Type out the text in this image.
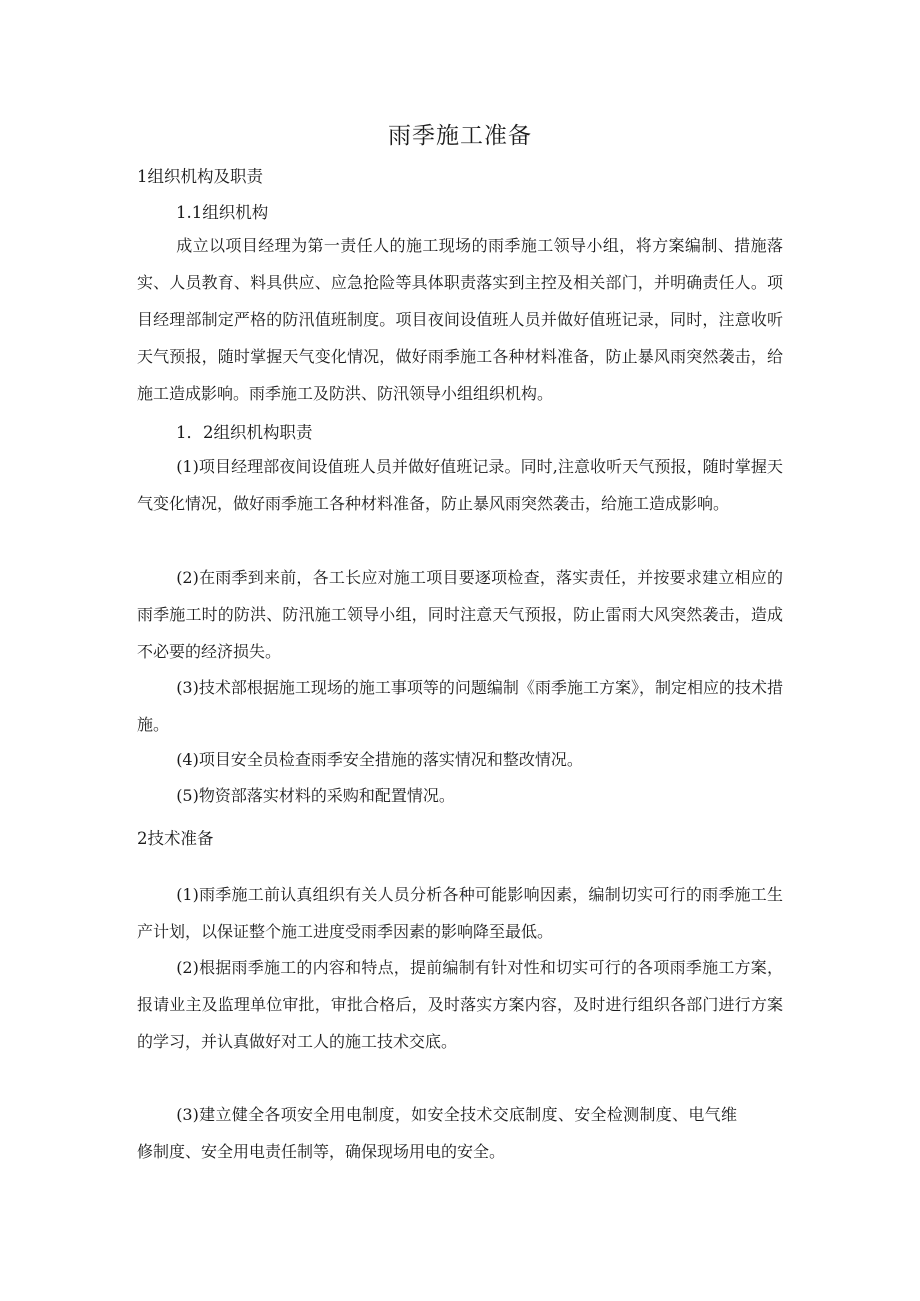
雨季施工准备
1组织机构及职责
1.1组织机构

成立以项目经理为第一责任人的施工现场的雨季施工领导小组，将方案编制、措施落实、人员教育、料具供应、应急抢险等具体职责落实到主控及相关部门，并明确责任人。项目经理部制定严格的防汛值班制度。项目夜间设值班人员并做好值班记录，同时，注意收听天气预报，随时掌握天气变化情况，做好雨季施工各种材料准备，防止暴风雨突然袭击，给施工造成影响。雨季施工及防洪、防汛领导小组组织机构。

1．2组织机构职责

(1)项目经理部夜间设值班人员并做好值班记录。同时,注意收听天气预报，随时掌握天气变化情况，做好雨季施工各种材料准备，防止暴风雨突然袭击，给施工造成影响。

(2)在雨季到来前，各工长应对施工项目要逐项检查，落实责任，并按要求建立相应的雨季施工时的防洪、防汛施工领导小组，同时注意天气预报，防止雷雨大风突然袭击，造成不必要的经济损失。

(3)技术部根据施工现场的施工事项等的问题编制《雨季施工方案》，制定相应的技术措施。

(4)项目安全员检查雨季安全措施的落实情况和整改情况。

(5)物资部落实材料的采购和配置情况。

2技术准备

(1)雨季施工前认真组织有关人员分析各种可能影响因素，编制切实可行的雨季施工生产计划，以保证整个施工进度受雨季因素的影响降至最低。

(2)根据雨季施工的内容和特点，提前编制有针对性和切实可行的各项雨季施工方案，报请业主及监理单位审批，审批合格后，及时落实方案内容，及时进行组织各部门进行方案的学习，并认真做好对工人的施工技术交底。

(3)建立健全各项安全用电制度，如安全技术交底制度、安全检测制度、电气维修制度、安全用电责任制等，确保现场用电的安全。
